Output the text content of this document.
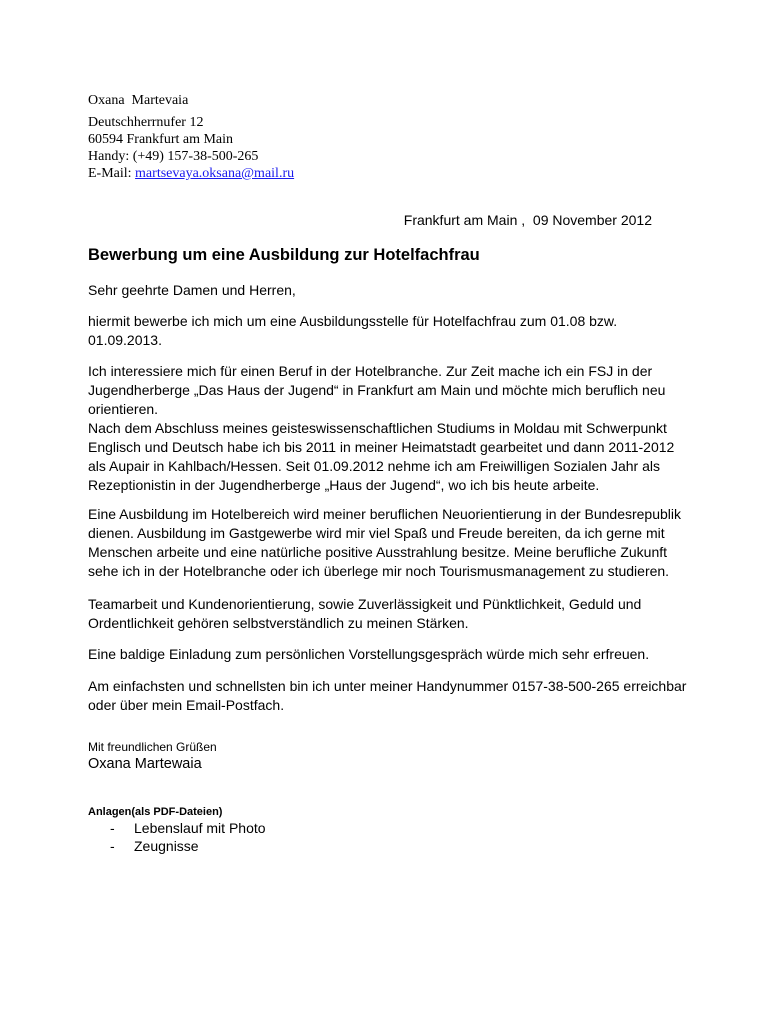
Oxana  Martevaia
Deutschherrnufer 12
60594 Frankfurt am Main
Handy: (+49) 157-38-500-265
E-Mail: martsevaya.oksana@mail.ru
Frankfurt am Main ,  09 November 2012
Bewerbung um eine Ausbildung zur Hotelfachfrau
Sehr geehrte Damen und Herren,

hiermit bewerbe ich mich um eine Ausbildungsstelle für Hotelfachfrau zum 01.08 bzw. 01.09.2013.

Ich interessiere mich für einen Beruf in der Hotelbranche. Zur Zeit mache ich ein FSJ in der Jugendherberge „Das Haus der Jugend“ in Frankfurt am Main und möchte mich beruflich neu orientieren.

Nach dem Abschluss meines geisteswissenschaftlichen Studiums in Moldau mit Schwerpunkt Englisch und Deutsch habe ich bis 2011 in meiner Heimatstadt gearbeitet und dann 2011-2012 als Aupair in Kahlbach/Hessen. Seit 01.09.2012 nehme ich am Freiwilligen Sozialen Jahr als Rezeptionistin in der Jugendherberge „Haus der Jugend“, wo ich bis heute arbeite.

Eine Ausbildung im Hotelbereich wird meiner beruflichen Neuorientierung in der Bundesrepublik dienen. Ausbildung im Gastgewerbe wird mir viel Spaß und Freude bereiten, da ich gerne mit Menschen arbeite und eine natürliche positive Ausstrahlung besitze. Meine berufliche Zukunft sehe ich in der Hotelbranche oder ich überlege mir noch Tourismusmanagement zu studieren.

Teamarbeit und Kundenorientierung, sowie Zuverlässigkeit und Pünktlichkeit, Geduld und Ordentlichkeit gehören selbstverständlich zu meinen Stärken.

Eine baldige Einladung zum persönlichen Vorstellungsgespräch würde mich sehr erfreuen.

Am einfachsten und schnellsten bin ich unter meiner Handynummer 0157-38-500-265 erreichbar oder über mein Email-Postfach.

Mit freundlichen Grüßen
Oxana Martewaia
Anlagen(als PDF-Dateien)
- Lebenslauf mit Photo
- Zeugnisse
